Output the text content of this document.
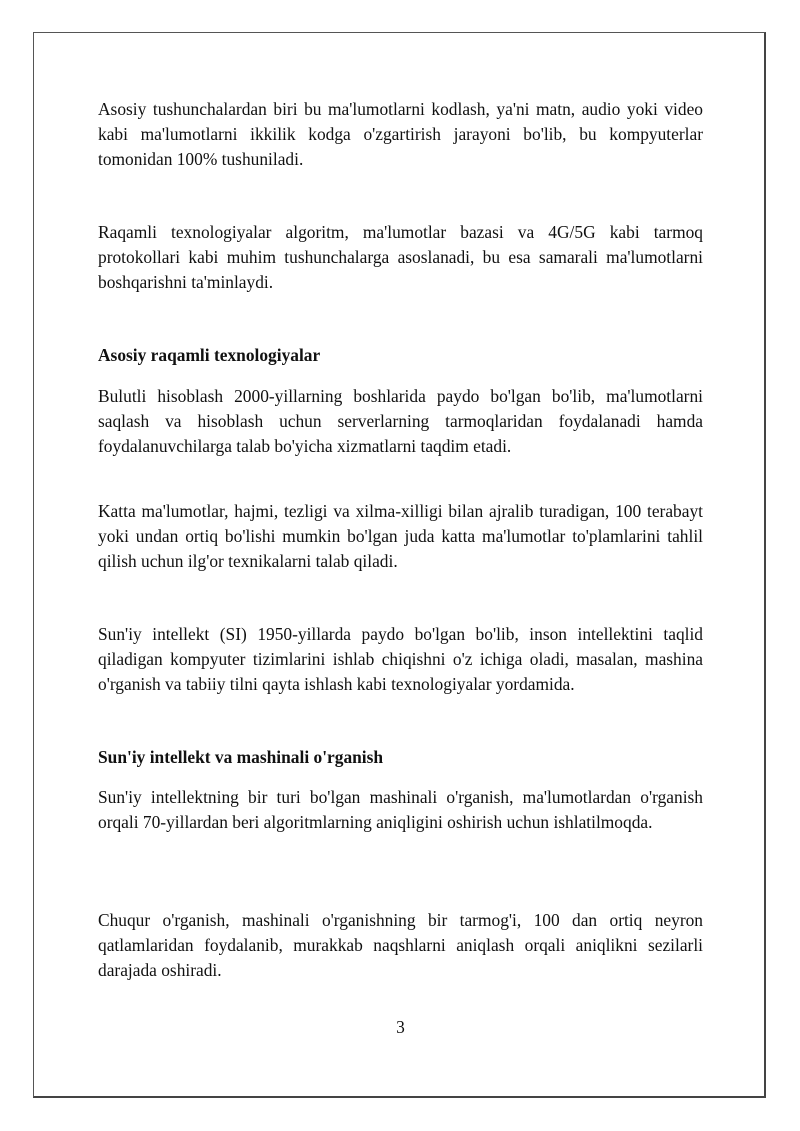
Asosiy tushunchalardan biri bu ma'lumotlarni kodlash, ya'ni matn, audio yoki video kabi ma'lumotlarni ikkilik kodga o'zgartirish jarayoni bo'lib, bu kompyuterlar tomonidan 100% tushuniladi.

Raqamli texnologiyalar algoritm, ma'lumotlar bazasi va 4G/5G kabi tarmoq protokollari kabi muhim tushunchalarga asoslanadi, bu esa samarali ma'lumotlarni boshqarishni ta'minlaydi.

Asosiy raqamli texnologiyalar

Bulutli hisoblash 2000-yillarning boshlarida paydo bo'lgan bo'lib, ma'lumotlarni saqlash va hisoblash uchun serverlarning tarmoqlaridan foydalanadi hamda foydalanuvchilarga talab bo'yicha xizmatlarni taqdim etadi.

Katta ma'lumotlar, hajmi, tezligi va xilma-xilligi bilan ajralib turadigan, 100 terabayt yoki undan ortiq bo'lishi mumkin bo'lgan juda katta ma'lumotlar to'plamlarini tahlil qilish uchun ilg'or texnikalarni talab qiladi.

Sun'iy intellekt (SI) 1950-yillarda paydo bo'lgan bo'lib, inson intellektini taqlid qiladigan kompyuter tizimlarini ishlab chiqishni o'z ichiga oladi, masalan, mashina o'rganish va tabiiy tilni qayta ishlash kabi texnologiyalar yordamida.

Sun'iy intellekt va mashinali o'rganish

Sun'iy intellektning bir turi bo'lgan mashinali o'rganish, ma'lumotlardan o'rganish orqali 70-yillardan beri algoritmlarning aniqligini oshirish uchun ishlatilmoqda.

Chuqur o'rganish, mashinali o'rganishning bir tarmog'i, 100 dan ortiq neyron qatlamlaridan foydalanib, murakkab naqshlarni aniqlash orqali aniqlikni sezilarli darajada oshiradi.

3
